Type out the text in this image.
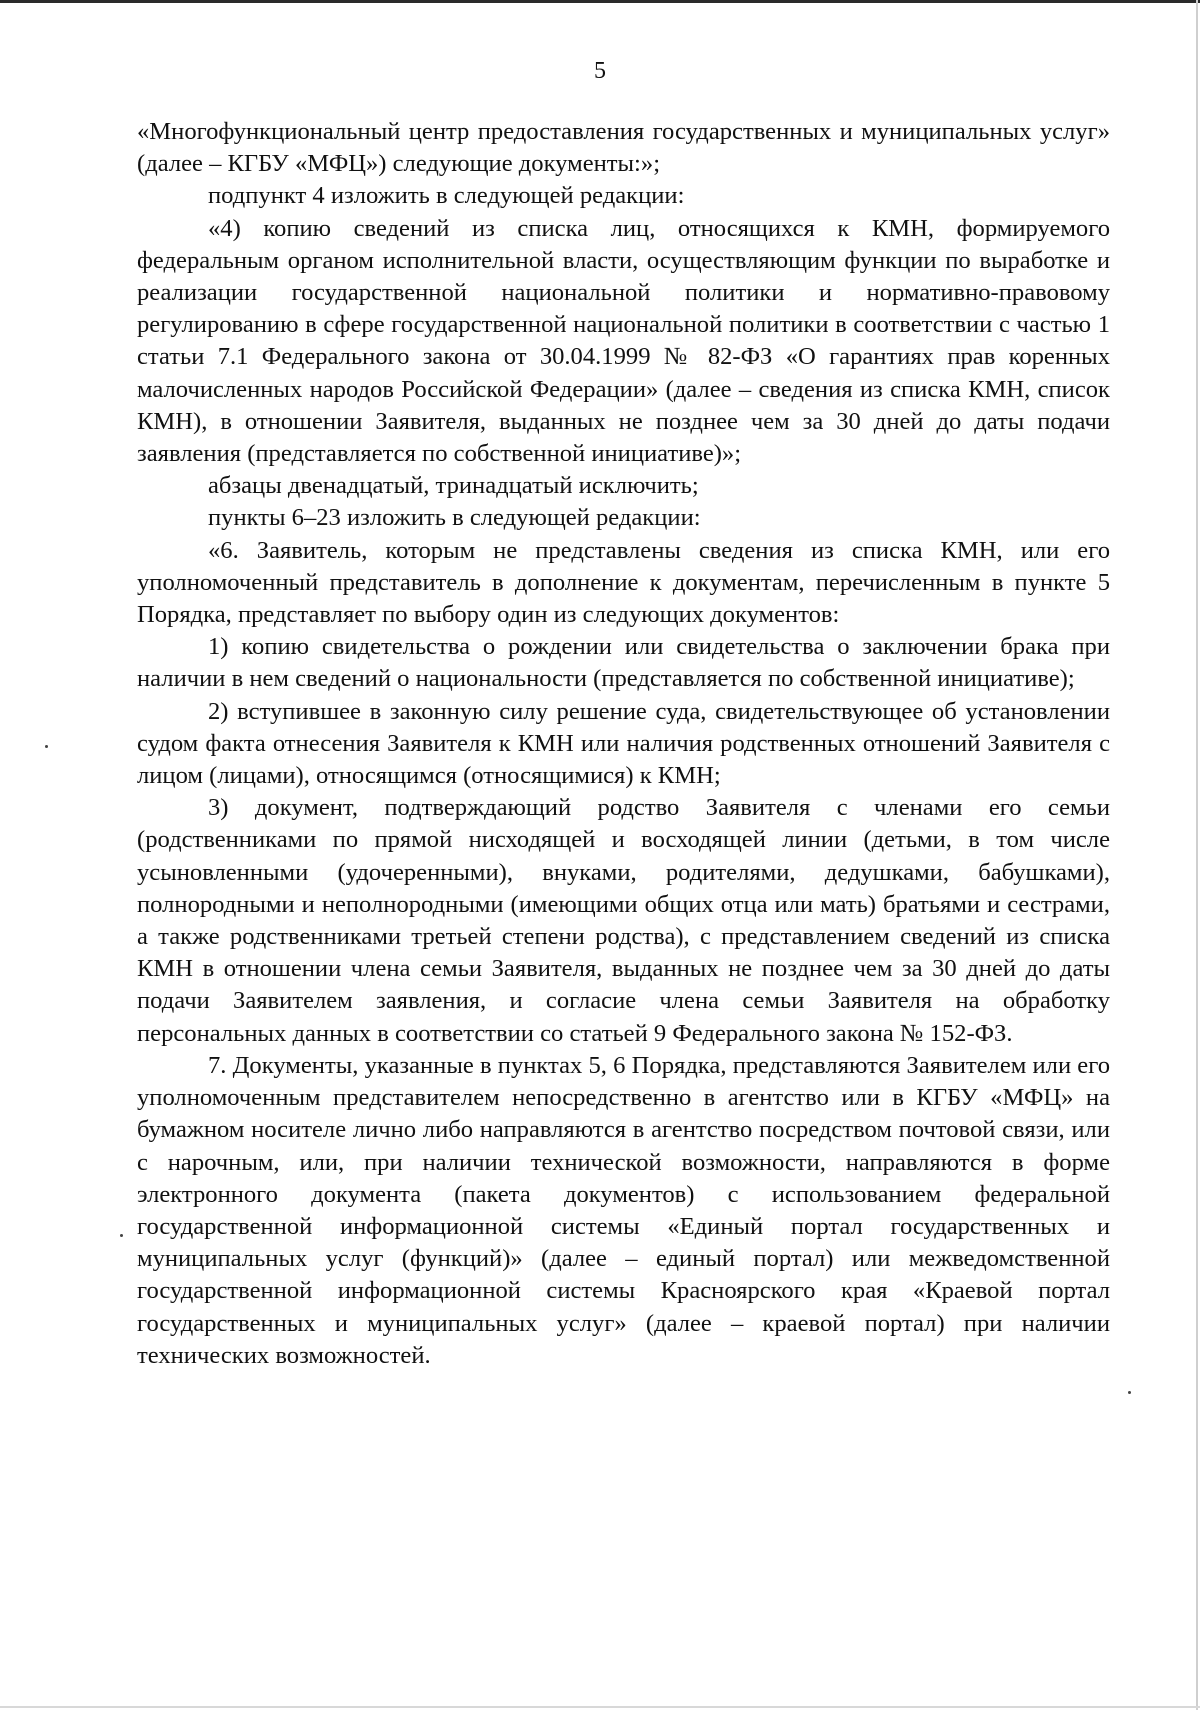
5

«Многофункциональный центр предоставления государственных и муниципальных услуг» (далее – КГБУ «МФЦ») следующие документы:»;

подпункт 4 изложить в следующей редакции:

«4) копию сведений из списка лиц, относящихся к КМН, формируемого федеральным органом исполнительной власти, осуществляющим функции по выработке и реализации государственной национальной политики и нормативно-правовому регулированию в сфере государственной национальной политики в соответствии с частью 1 статьи 7.1 Федерального закона от 30.04.1999 № 82-ФЗ «О гарантиях прав коренных малочисленных народов Российской Федерации» (далее – сведения из списка КМН, список КМН), в отношении Заявителя, выданных не позднее чем за 30 дней до даты подачи заявления (представляется по собственной инициативе)»;

абзацы двенадцатый, тринадцатый исключить;

пункты 6–23 изложить в следующей редакции:

«6. Заявитель, которым не представлены сведения из списка КМН, или его уполномоченный представитель в дополнение к документам, перечисленным в пункте 5 Порядка, представляет по выбору один из следующих документов:

1) копию свидетельства о рождении или свидетельства о заключении брака при наличии в нем сведений о национальности (представляется по собственной инициативе);

2) вступившее в законную силу решение суда, свидетельствующее об установлении судом факта отнесения Заявителя к КМН или наличия родственных отношений Заявителя с лицом (лицами), относящимся (относящимися) к КМН;

3) документ, подтверждающий родство Заявителя с членами его семьи (родственниками по прямой нисходящей и восходящей линии (детьми, в том числе усыновленными (удочеренными), внуками, родителями, дедушками, бабушками), полнородными и неполнородными (имеющими общих отца или мать) братьями и сестрами, а также родственниками третьей степени родства), с представлением сведений из списка КМН в отношении члена семьи Заявителя, выданных не позднее чем за 30 дней до даты подачи Заявителем заявления, и согласие члена семьи Заявителя на обработку персональных данных в соответствии со статьей 9 Федерального закона № 152-ФЗ.

7. Документы, указанные в пунктах 5, 6 Порядка, представляются Заявителем или его уполномоченным представителем непосредственно в агентство или в КГБУ «МФЦ» на бумажном носителе лично либо направляются в агентство посредством почтовой связи, или с нарочным, или, при наличии технической возможности, направляются в форме электронного документа (пакета документов) с использованием федеральной государственной информационной системы «Единый портал государственных и муниципальных услуг (функций)» (далее – единый портал) или межведомственной государственной информационной системы Красноярского края «Краевой портал государственных и муниципальных услуг» (далее – краевой портал) при наличии технических возможностей.
